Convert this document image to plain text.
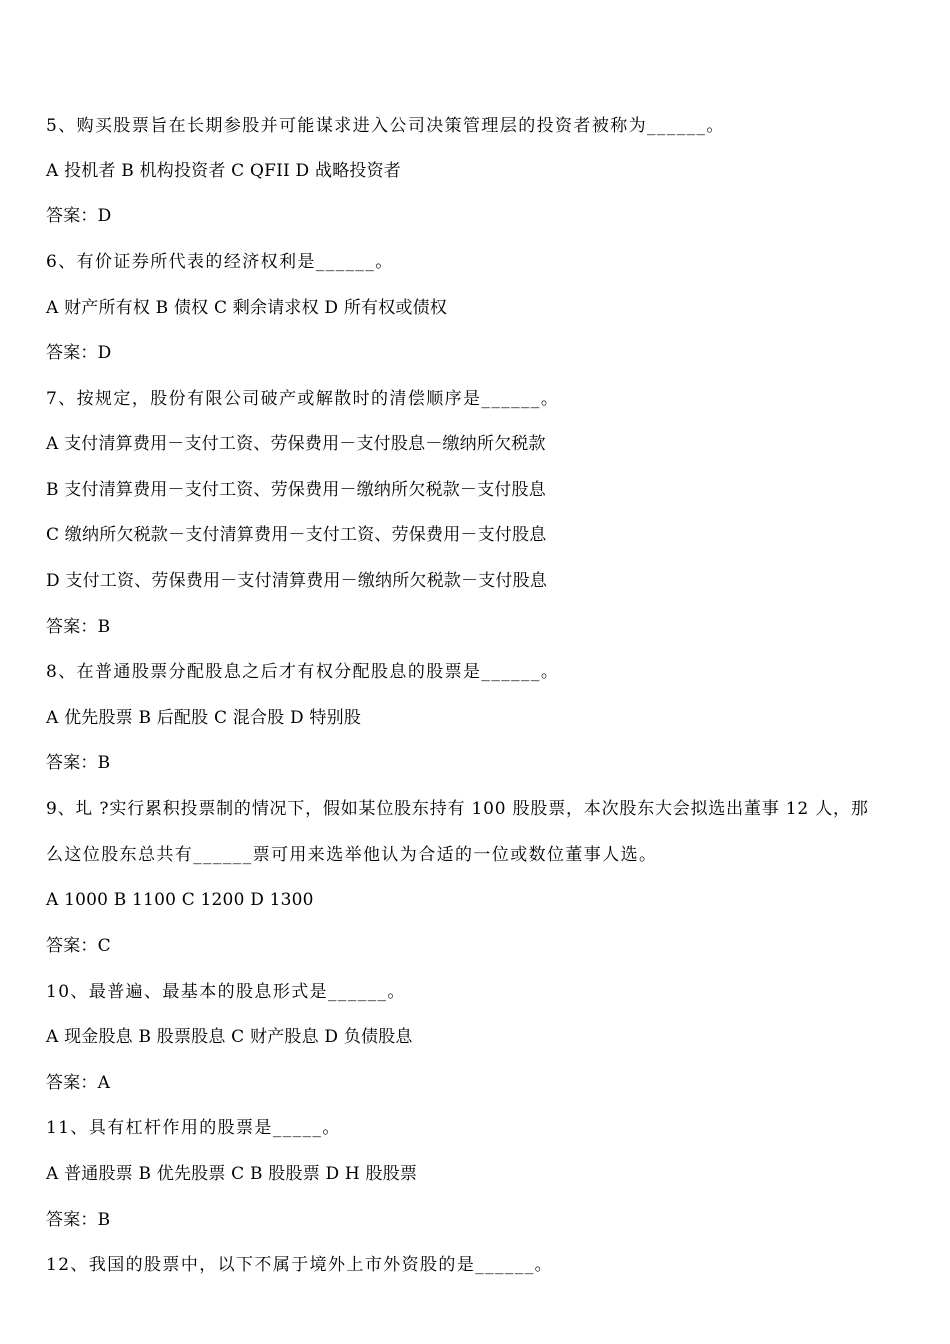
5、购买股票旨在长期参股并可能谋求进入公司决策管理层的投资者被称为______。
A 投机者 B 机构投资者 C QFII D 战略投资者
答案：D
6、有价证券所代表的经济权利是______。
A 财产所有权 B 债权 C 剩余请求权 D 所有权或债权
答案：D
7、按规定，股份有限公司破产或解散时的清偿顺序是______。
A 支付清算费用－支付工资、劳保费用－支付股息－缴纳所欠税款
B 支付清算费用－支付工资、劳保费用－缴纳所欠税款－支付股息
C 缴纳所欠税款－支付清算费用－支付工资、劳保费用－支付股息
D 支付工资、劳保费用－支付清算费用－缴纳所欠税款－支付股息
答案：B
8、在普通股票分配股息之后才有权分配股息的股票是______。
A 优先股票 B 后配股 C 混合股 D 特别股
答案：B
9、圠 ?实行累积投票制的情况下，假如某位股东持有 100 股股票，本次股东大会拟选出董事 12 人，那
么这位股东总共有______票可用来选举他认为合适的一位或数位董事人选。
A 1000 B 1100 C 1200 D 1300
答案：C
10、最普遍、最基本的股息形式是______。
A 现金股息 B 股票股息 C 财产股息 D 负债股息
答案：A
11、具有杠杆作用的股票是_____。
A 普通股票 B 优先股票 C B 股股票 D H 股股票
答案：B
12、我国的股票中，以下不属于境外上市外资股的是______。
